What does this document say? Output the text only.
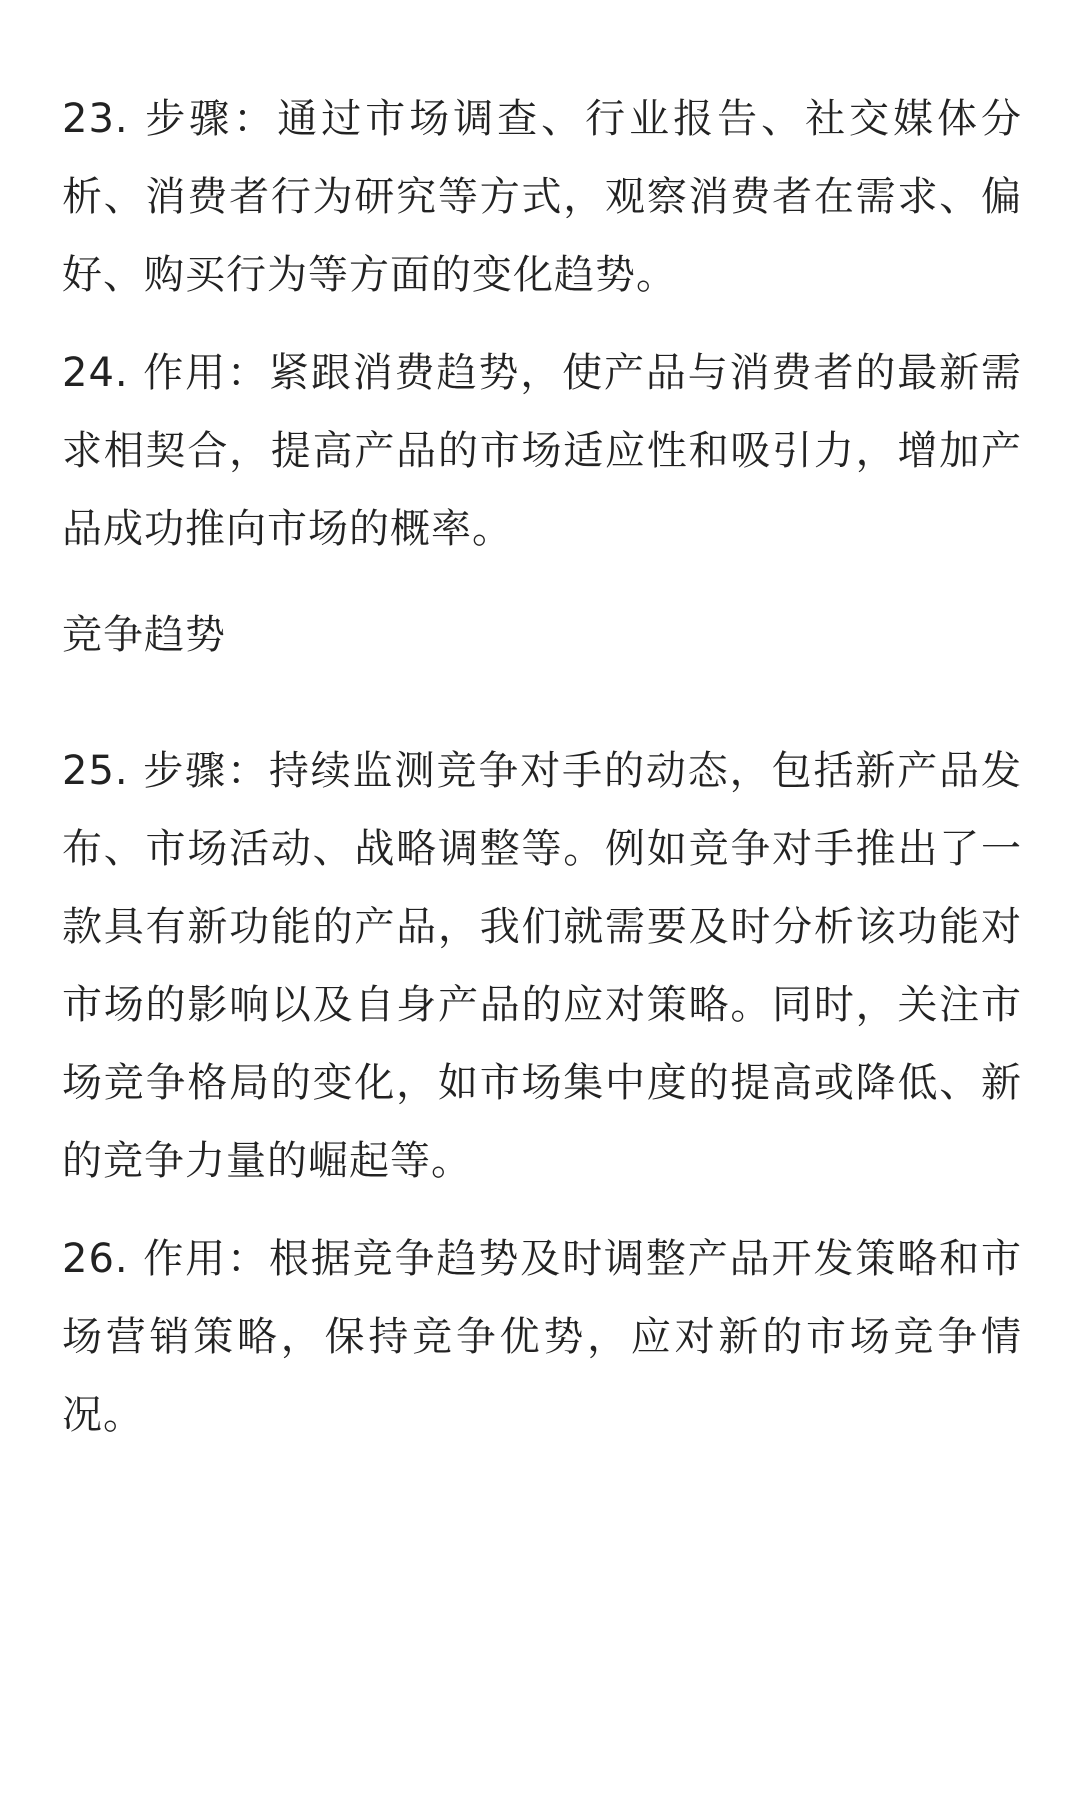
23. 步骤：通过市场调查、行业报告、社交媒体分析、消费者行为研究等方式，观察消费者在需求、偏好、购买行为等方面的变化趋势。

24. 作用：紧跟消费趋势，使产品与消费者的最新需求相契合，提高产品的市场适应性和吸引力，增加产品成功推向市场的概率。

竞争趋势

25. 步骤：持续监测竞争对手的动态，包括新产品发布、市场活动、战略调整等。例如竞争对手推出了一款具有新功能的产品，我们就需要及时分析该功能对市场的影响以及自身产品的应对策略。同时，关注市场竞争格局的变化，如市场集中度的提高或降低、新的竞争力量的崛起等。

26. 作用：根据竞争趋势及时调整产品开发策略和市场营销策略，保持竞争优势，应对新的市场竞争情况。
